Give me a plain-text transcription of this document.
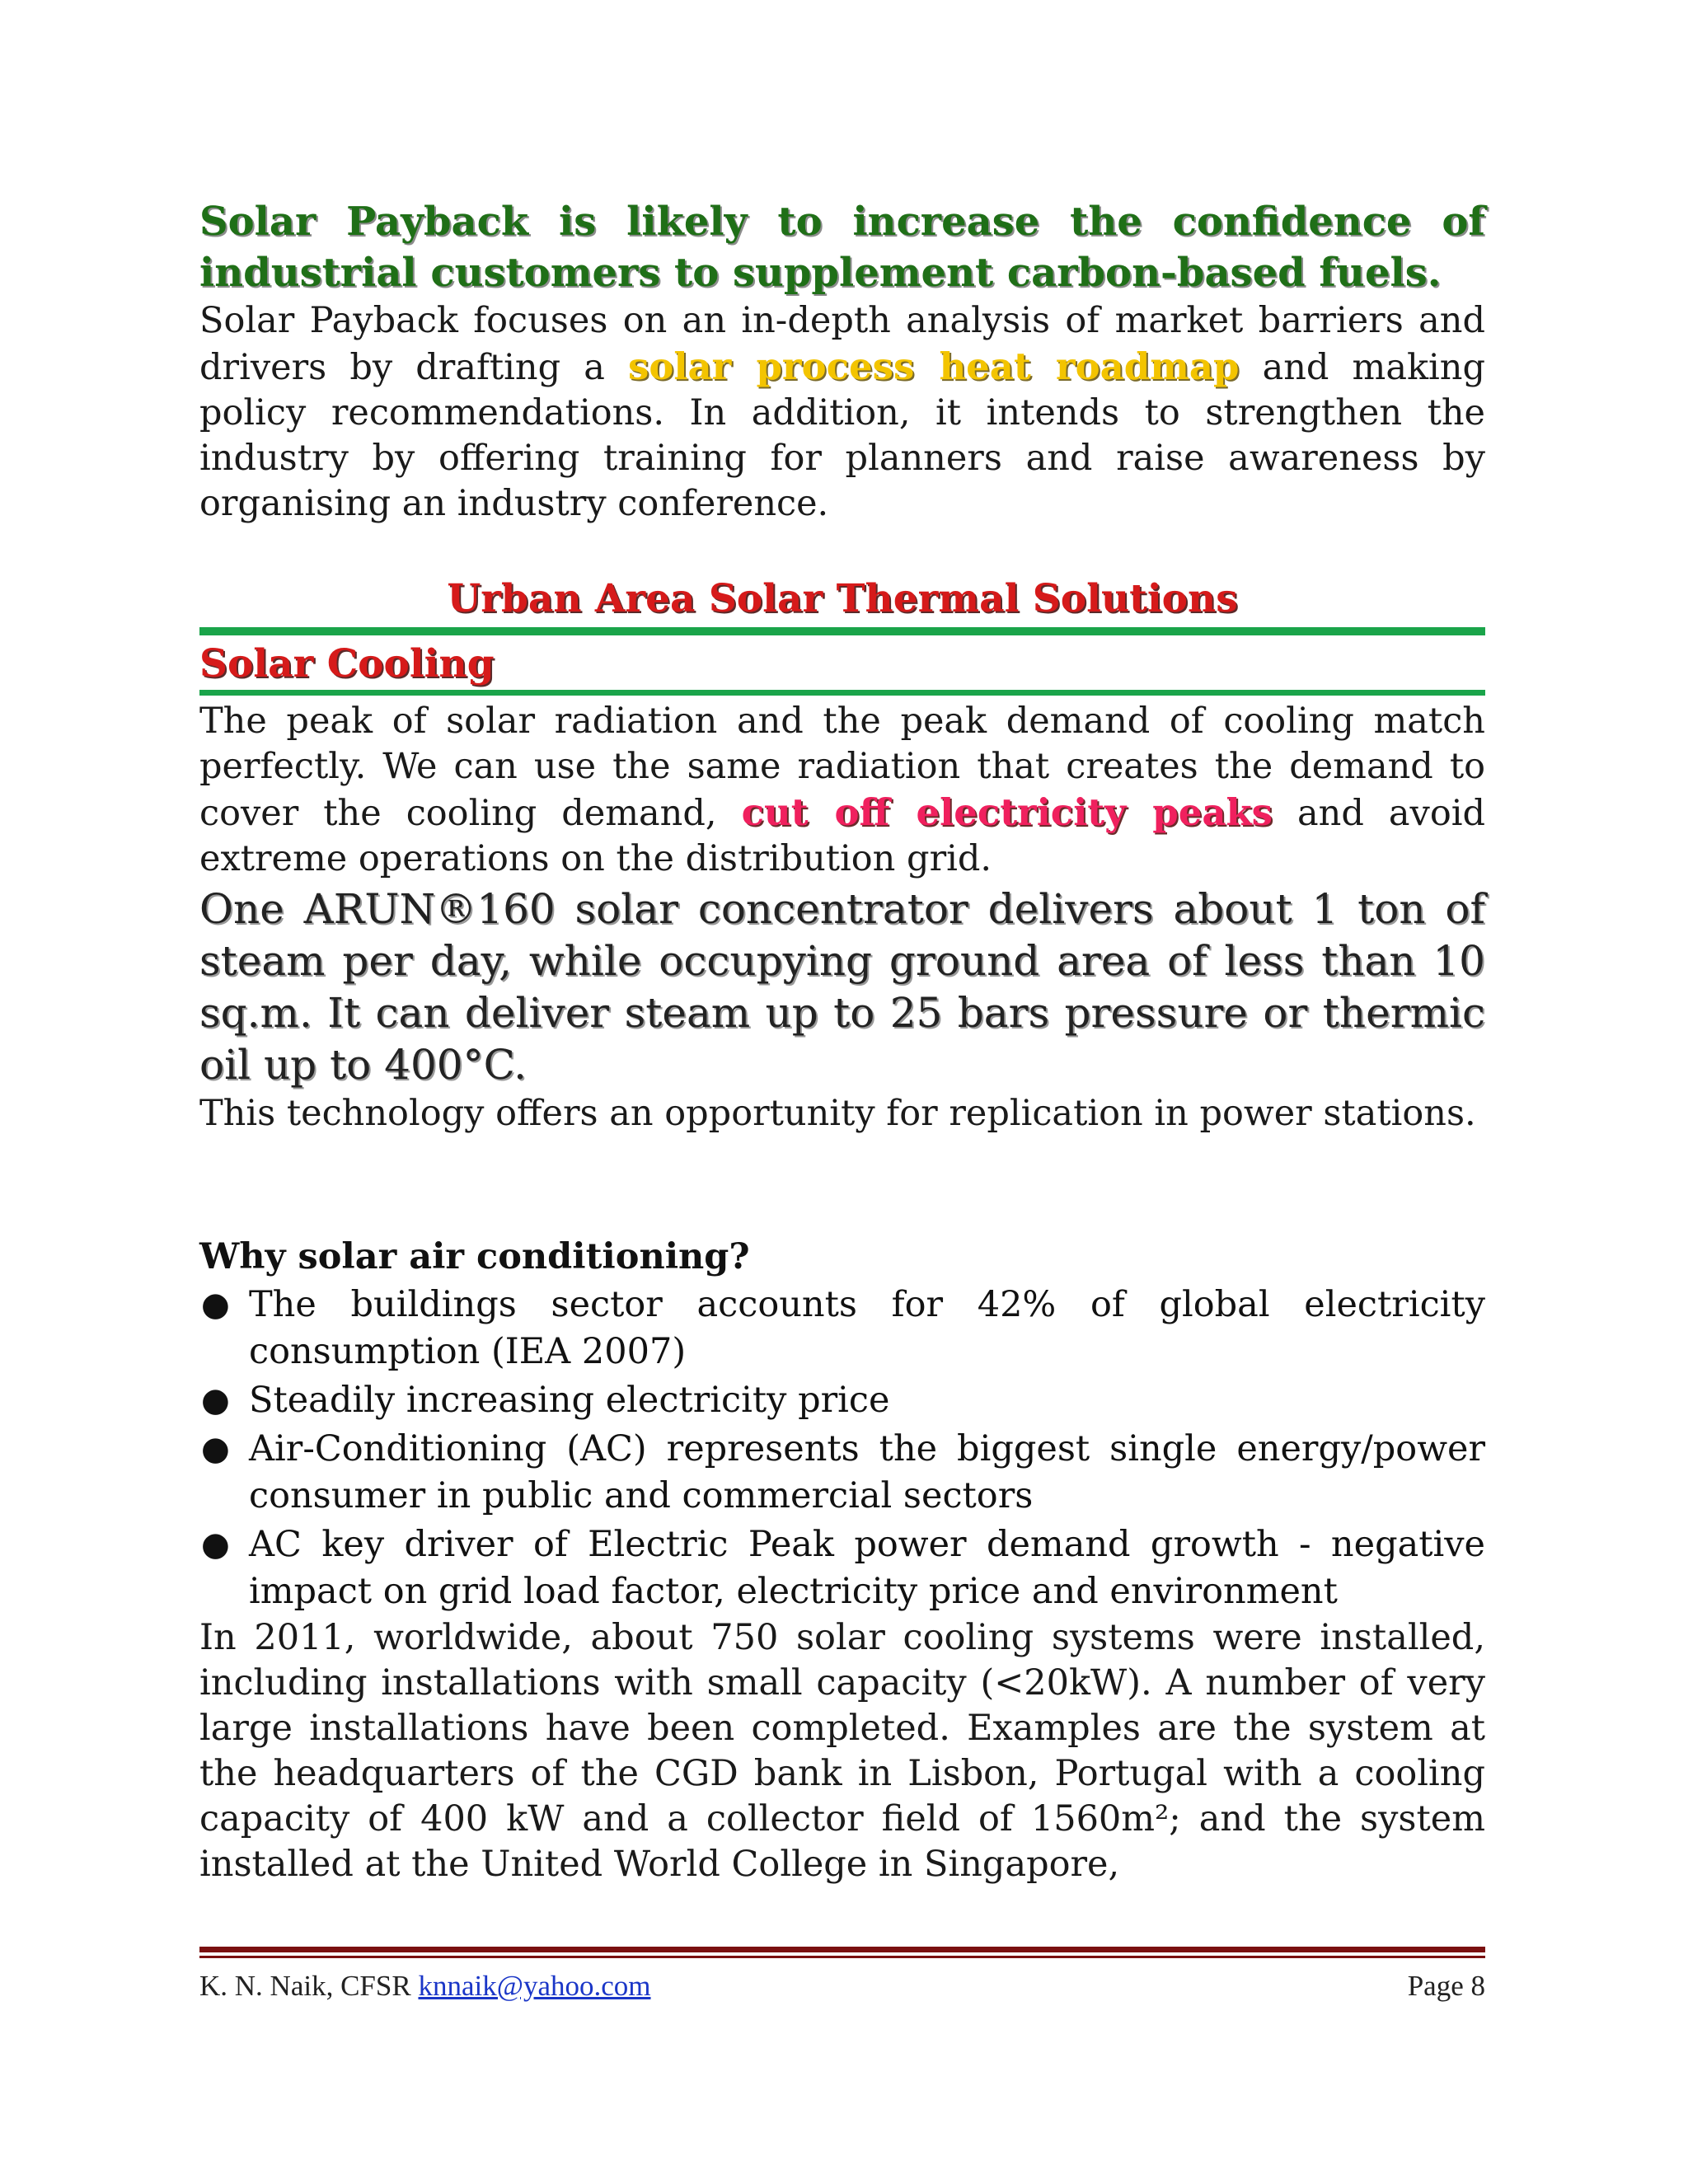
Solar Payback is likely to increase the confidence of industrial customers to supplement carbon-based fuels.

Solar Payback focuses on an in-depth analysis of market barriers and drivers by drafting a solar process heat roadmap and making policy recommendations. In addition, it intends to strengthen the industry by offering training for planners and raise awareness by organising an industry conference.

Urban Area Solar Thermal Solutions
Solar Cooling

The peak of solar radiation and the peak demand of cooling match perfectly. We can use the same radiation that creates the demand to cover the cooling demand, cut off electricity peaks and avoid extreme operations on the distribution grid.

One ARUN®160 solar concentrator delivers about 1 ton of steam per day, while occupying ground area of less than 10 sq.m. It can deliver steam up to 25 bars pressure or thermic oil up to 400°C.

This technology offers an opportunity for replication in power stations.

Why solar air conditioning?

● The buildings sector accounts for 42% of global electricity consumption (IEA 2007)
● Steadily increasing electricity price
● Air-Conditioning (AC) represents the biggest single energy/power consumer in public and commercial sectors
● AC key driver of Electric Peak power demand growth - negative impact on grid load factor, electricity price and environment

In 2011, worldwide, about 750 solar cooling systems were installed, including installations with small capacity (<20kW). A number of very large installations have been completed. Examples are the system at the headquarters of the CGD bank in Lisbon, Portugal with a cooling capacity of 400 kW and a collector field of 1560m²; and the system installed at the United World College in Singapore,

K. N. Naik, CFSR knnaik@yahoo.com	Page 8
